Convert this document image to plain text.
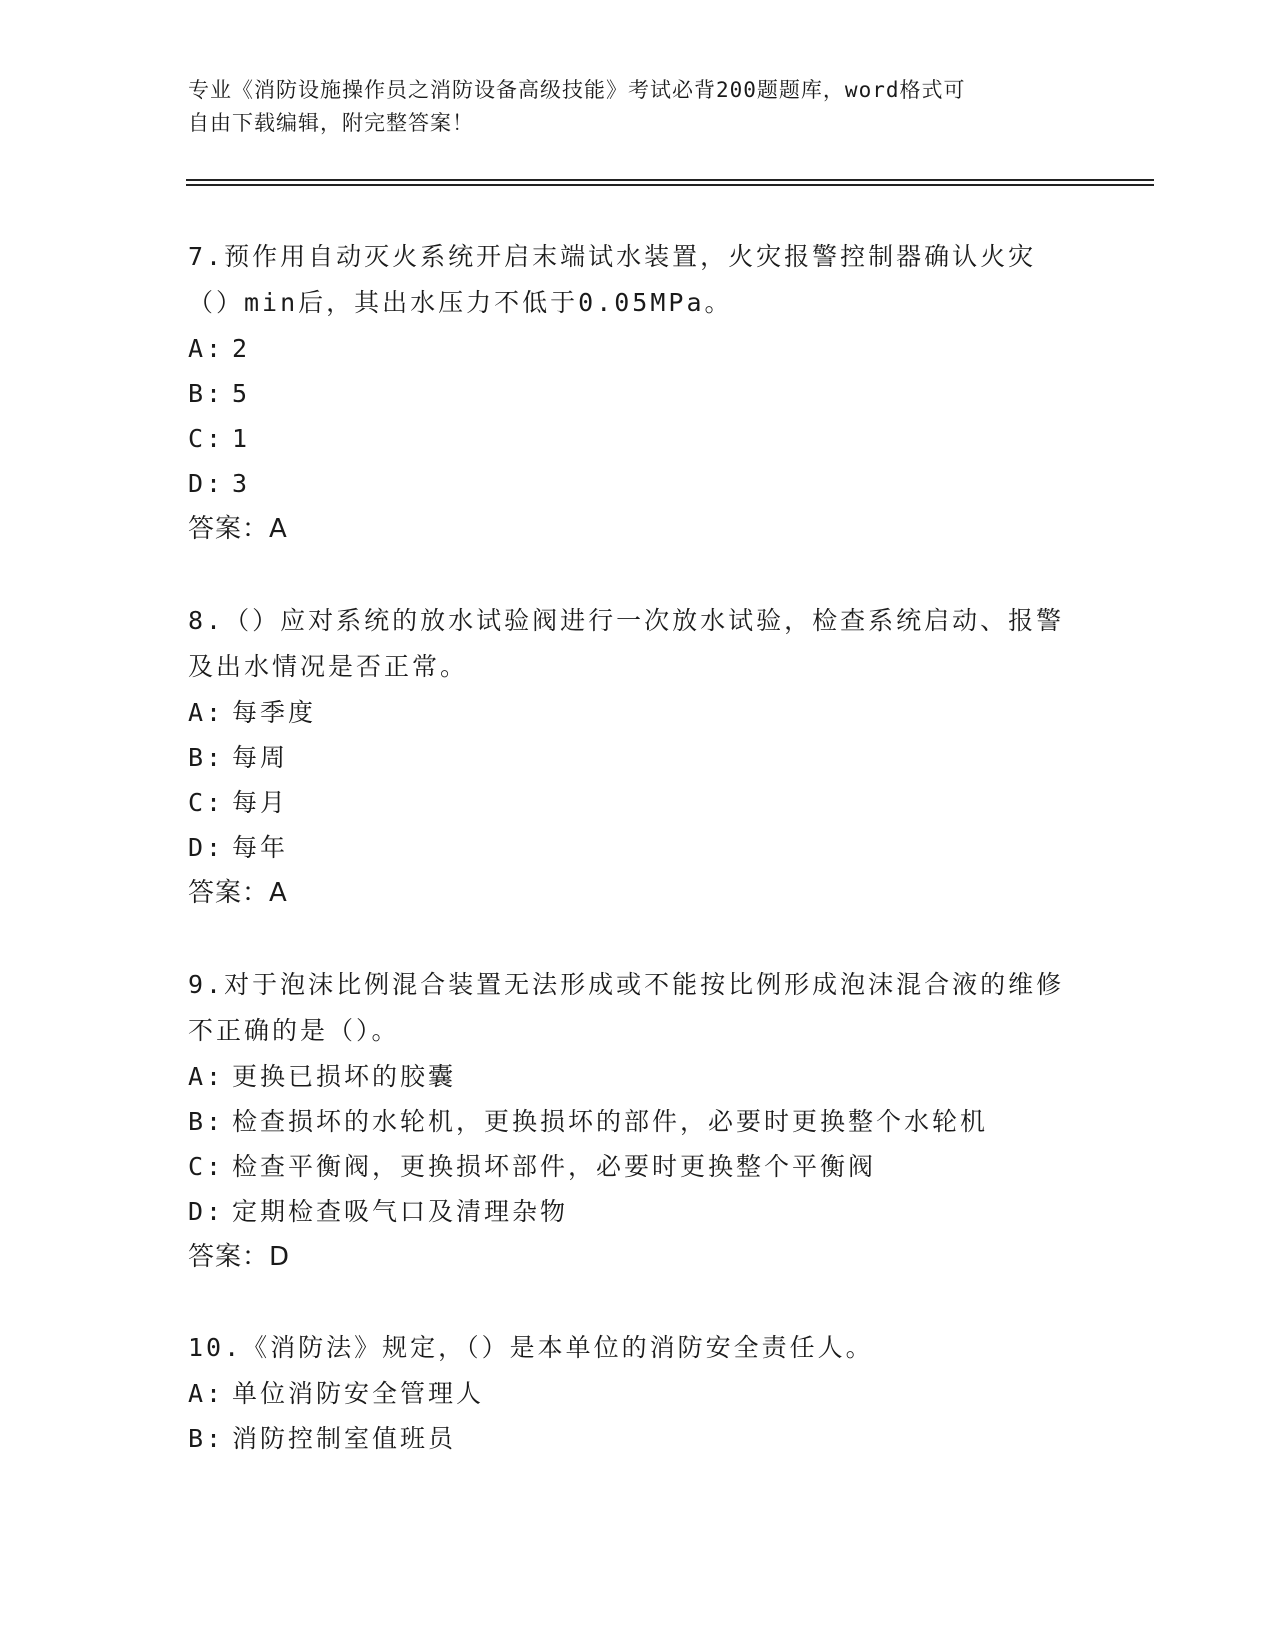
专业《消防设施操作员之消防设备高级技能》考试必背200题题库，word格式可
自由下载编辑，附完整答案！

7.预作用自动灭火系统开启末端试水装置，火灾报警控制器确认火灾（）min后，其出水压力不低于0.05MPa。

A: 2

B: 5

C: 1

D: 3

答案：A

8.（）应对系统的放水试验阀进行一次放水试验，检查系统启动、报警及出水情况是否正常。

A: 每季度

B: 每周

C: 每月

D: 每年

答案：A

9.对于泡沫比例混合装置无法形成或不能按比例形成泡沫混合液的维修不正确的是（）。

A: 更换已损坏的胶囊

B: 检查损坏的水轮机，更换损坏的部件，必要时更换整个水轮机

C: 检查平衡阀，更换损坏部件，必要时更换整个平衡阀

D: 定期检查吸气口及清理杂物

答案：D

10.《消防法》规定，（）是本单位的消防安全责任人。

A: 单位消防安全管理人

B: 消防控制室值班员
